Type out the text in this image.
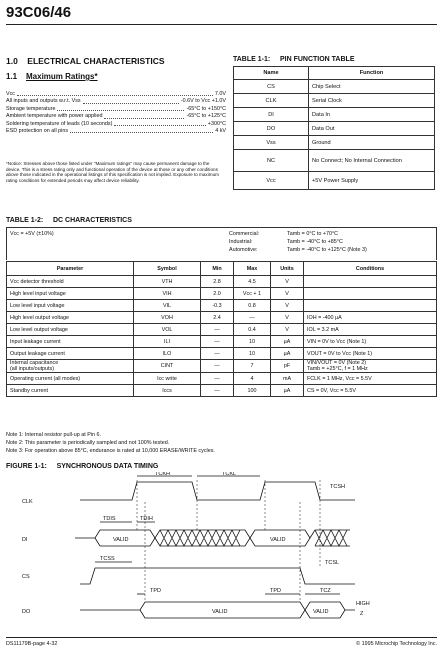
93C06/46
1.0 ELECTRICAL CHARACTERISTICS
1.1 Maximum Ratings*
Vcc	7.0V
All inputs and outputs w.r.t. Vss	-0.6V to Vcc +1.0V
Storage temperature	-65°C to +150°C
Ambient temperature with power applied	-65°C to +125°C
Soldering temperature of leads (10 seconds)	+300°C
ESD protection on all pins	4 kV
*Notice: Stresses above those listed under "Maximum ratings" may cause permanent damage to the device. This is a stress rating only and functional operation of the device at those or any other conditions above those indicated in the operational listings of this specification is not implied. Exposure to maximum rating conditions for extended periods may affect device reliability.
TABLE 1-1: PIN FUNCTION TABLE
Name	Function
CS	Chip Select
CLK	Serial Clock
DI	Data In
DO	Data Out
Vss	Ground
NC	No Connect; No Internal Connection
Vcc	+5V Power Supply
TABLE 1-2: DC CHARACTERISTICS
Vcc = +5V (±10%)	Commercial:	Tamb = 0°C to +70°C
Industrial:	Tamb = -40°C to +85°C
Automotive:	Tamb = -40°C to +125°C (Note 3)
Parameter	Symbol	Min	Max	Units	Conditions
Vcc detector threshold	VTH	2.8	4.5	V	
High level input voltage	VIH	2.0	Vcc + 1	V	
Low level input voltage	VIL	-0.3	0.8	V	
High level output voltage	VOH	2.4	—	V	IOH = -400 µA
Low level output voltage	VOL	—	0.4	V	IOL = 3.2 mA
Input leakage current	ILI	—	10	µA	VIN = 0V to Vcc (Note 1)
Output leakage current	ILO	—	10	µA	VOUT = 0V to Vcc (Note 1)
Internal capacitance
(all inputs/outputs)	CINT	—	7	pF	VIN/VOUT = 0V (Note 2)
Tamb = +25°C, f = 1 MHz
Operating current (all modes)	Icc write	—	4	mA	FCLK = 1 MHz, Vcc = 5.5V
Standby current	Iccs	—	100	µA	CS = 0V, Vcc = 5.5V
Note 1: Internal resistor pull-up at Pin 6.
Note 2: This parameter is periodically sampled and not 100% tested.
Note 3: For operation above 85°C, endurance is rated at 10,000 ERASE/WRITE cycles.
FIGURE 1-1: SYNCHRONOUS DATA TIMING
CLK
DI
CS
DO
TCKH	TCKL
TCSH
TDIS	TDIH
TCSS
TCSL
TPD	TPD	TCZ
VALID	VALID
VALID	VALID
HIGH
Z
DS11179B-page 4-32	© 1995 Microchip Technology Inc.
